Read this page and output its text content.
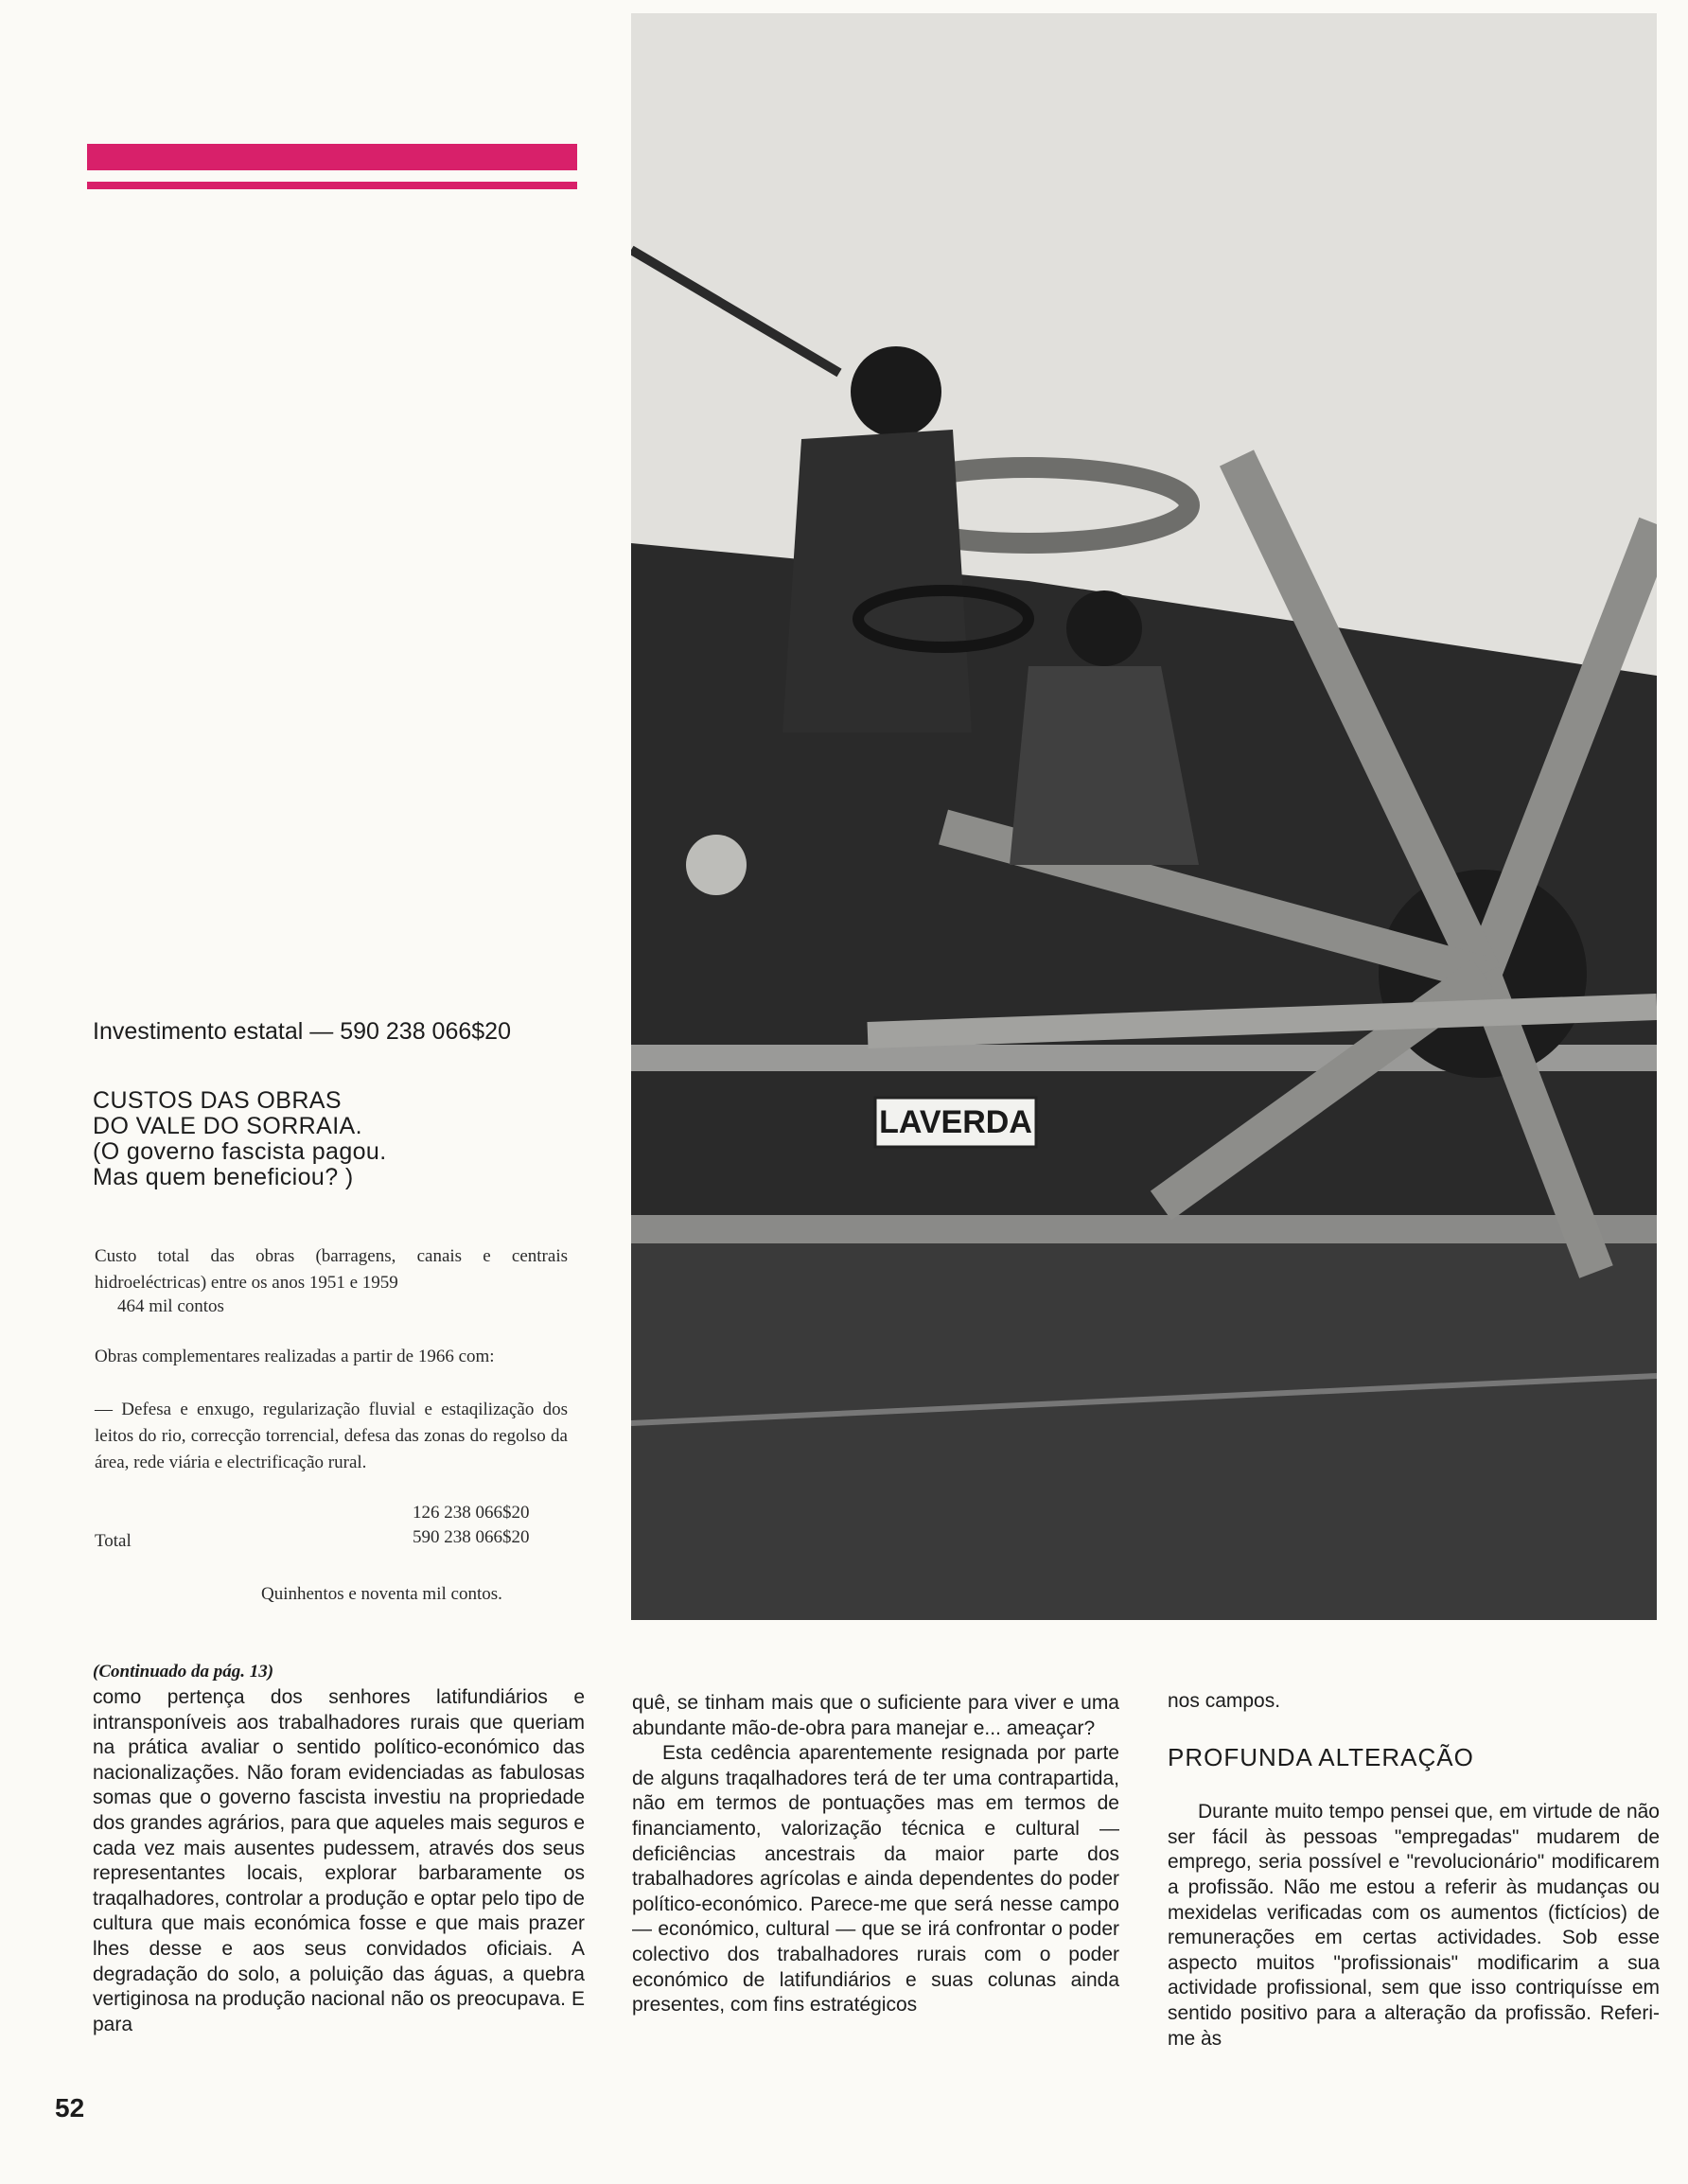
LAVERDA
Investimento estatal — 590 238 066$20
CUSTOS DAS OBRAS
DO VALE DO SORRAIA.
(O governo fascista pagou.
Mas quem beneficiou? )
Custo total das obras (barragens, canais e centrais hidroeléctricas) entre os anos 1951 e 1959
464 mil contos
Obras complementares realizadas a partir de 1966 com:
— Defesa e enxugo, regularização fluvial e estaqilização dos leitos do rio, correcção torrencial, defesa das zonas do regolso da área, rede viária e electrificação rural.
126 238 066$20
Total	590 238 066$20
Quinhentos e noventa mil contos.
(Continuado da pág. 13)

como pertença dos senhores latifundiários e intransponíveis aos trabalhadores rurais que queriam na prática avaliar o sentido político-económico das nacionalizações. Não foram evidenciadas as fabulosas somas que o governo fascista investiu na propriedade dos grandes agrários, para que aqueles mais seguros e cada vez mais ausentes pudessem, através dos seus representantes locais, explorar barbaramente os traqalhadores, controlar a produção e optar pelo tipo de cultura que mais económica fosse e que mais prazer lhes desse e aos seus convidados oficiais. A degradação do solo, a poluição das águas, a quebra vertiginosa na produção nacional não os preocupava. E para

quê, se tinham mais que o suficiente para viver e uma abundante mão-de-obra para manejar e... ameaçar?

Esta cedência aparentemente resignada por parte de alguns traqalhadores terá de ter uma contrapartida, não em termos de pontuações mas em termos de financiamento, valorização técnica e cultural — deficiências ancestrais da maior parte dos trabalhadores agrícolas e ainda dependentes do poder político-económico. Parece-me que será nesse campo — económico, cultural — que se irá confrontar o poder colectivo dos trabalhadores rurais com o poder económico de latifundiários e suas colunas ainda presentes, com fins estratégicos

nos campos.

PROFUNDA ALTERAÇÃO

Durante muito tempo pensei que, em virtude de não ser fácil às pessoas "empregadas" mudarem de emprego, seria possível e "revolucionário" modificarem a profissão. Não me estou a referir às mudanças ou mexidelas verificadas com os aumentos (fictícios) de remunerações em certas actividades. Sob esse aspecto muitos "profissionais" modificarim a sua actividade profissional, sem que isso contriquísse em sentido positivo para a alteração da profissão. Referi-me às

52
